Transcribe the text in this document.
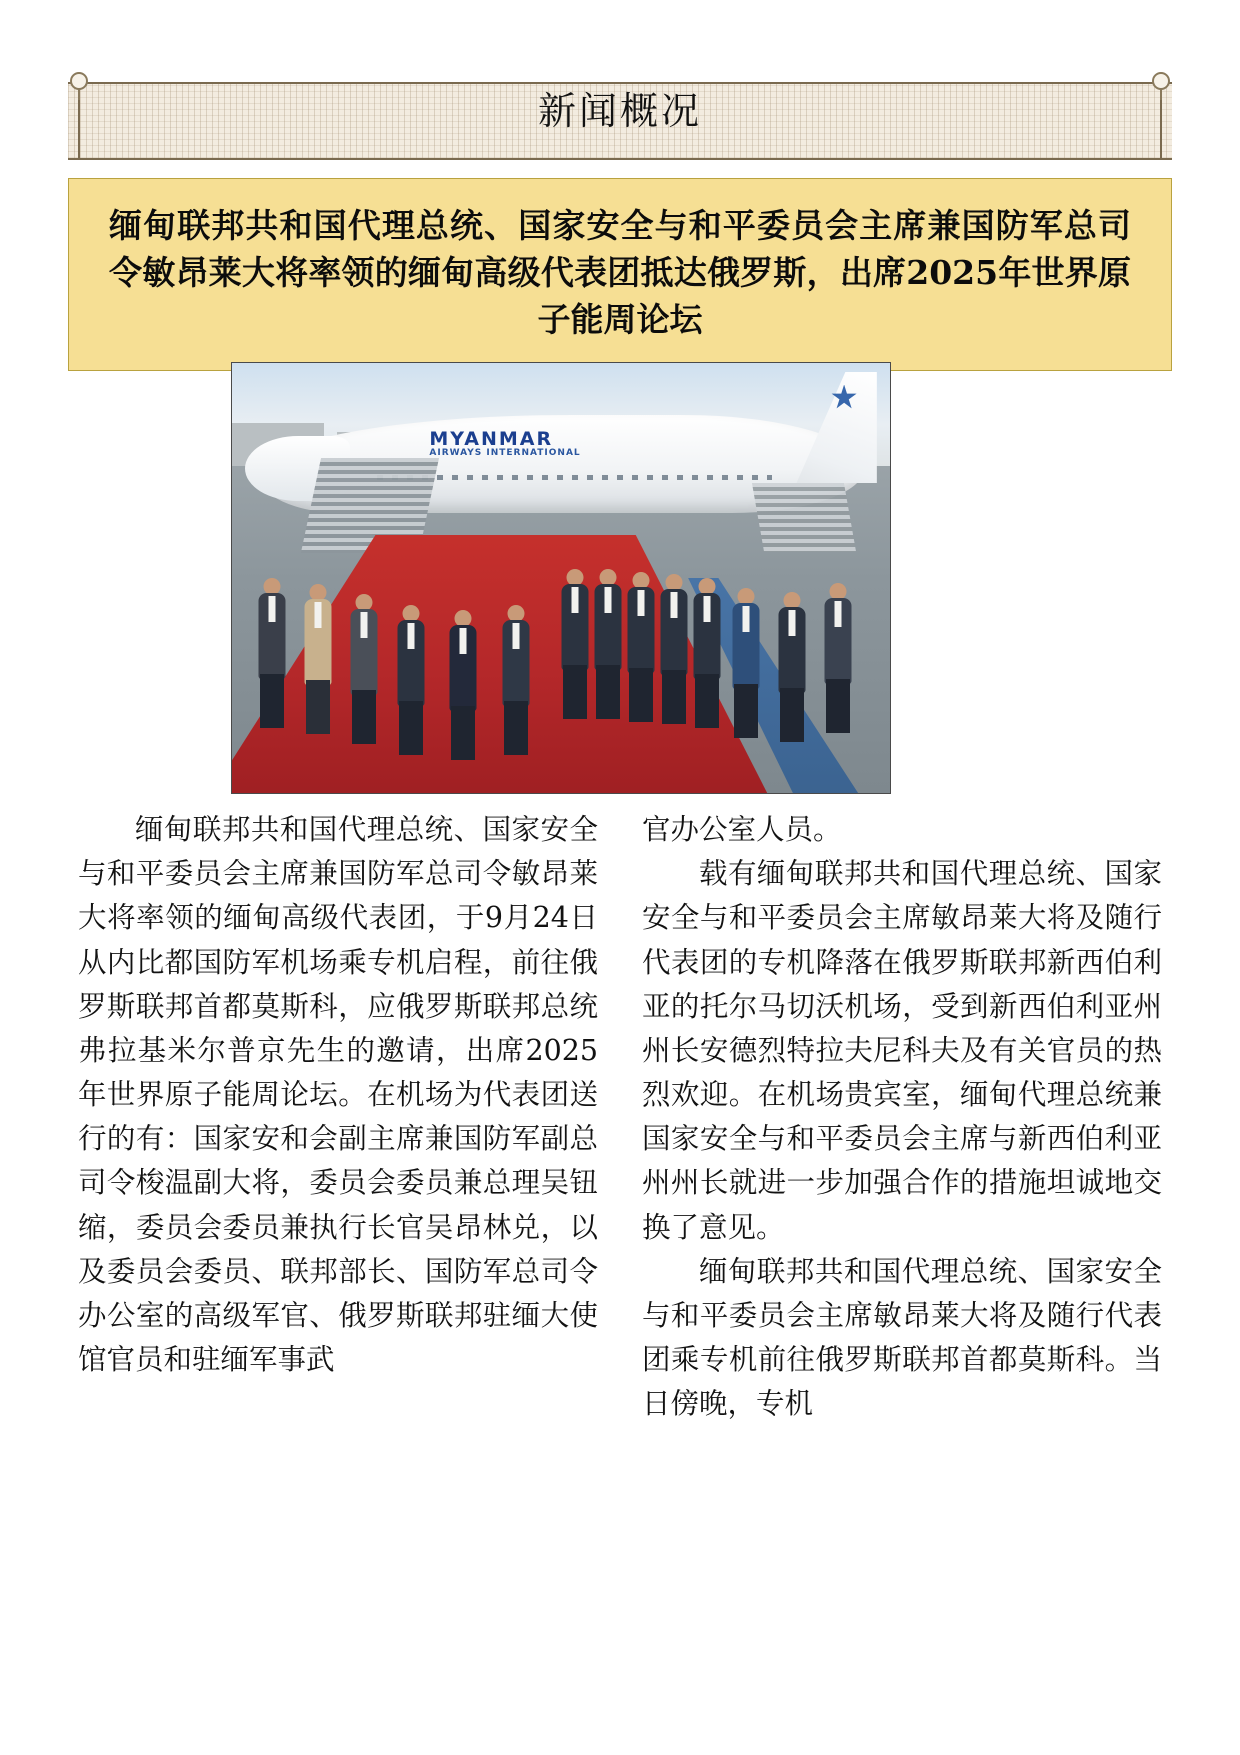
新闻概况
缅甸联邦共和国代理总统、国家安全与和平委员会主席兼国防军总司令敏昂莱大将率领的缅甸高级代表团抵达俄罗斯，出席2025年世界原子能周论坛
MYANMAR
AIRWAYS INTERNATIONAL

缅甸联邦共和国代理总统、国家安全与和平委员会主席兼国防军总司令敏昂莱大将率领的缅甸高级代表团，于9月24日从内比都国防军机场乘专机启程，前往俄罗斯联邦首都莫斯科，应俄罗斯联邦总统弗拉基米尔普京先生的邀请，出席2025年世界原子能周论坛。在机场为代表团送行的有：国家安和会副主席兼国防军副总司令梭温副大将，委员会委员兼总理吴钮缩，委员会委员兼执行长官吴昂林兑，以及委员会委员、联邦部长、国防军总司令办公室的高级军官、俄罗斯联邦驻缅大使馆官员和驻缅军事武

官办公室人员。

载有缅甸联邦共和国代理总统、国家安全与和平委员会主席敏昂莱大将及随行代表团的专机降落在俄罗斯联邦新西伯利亚的托尔马切沃机场，受到新西伯利亚州州长安德烈特拉夫尼科夫及有关官员的热烈欢迎。在机场贵宾室，缅甸代理总统兼国家安全与和平委员会主席与新西伯利亚州州长就进一步加强合作的措施坦诚地交换了意见。

缅甸联邦共和国代理总统、国家安全与和平委员会主席敏昂莱大将及随行代表团乘专机前往俄罗斯联邦首都莫斯科。当日傍晚，专机
